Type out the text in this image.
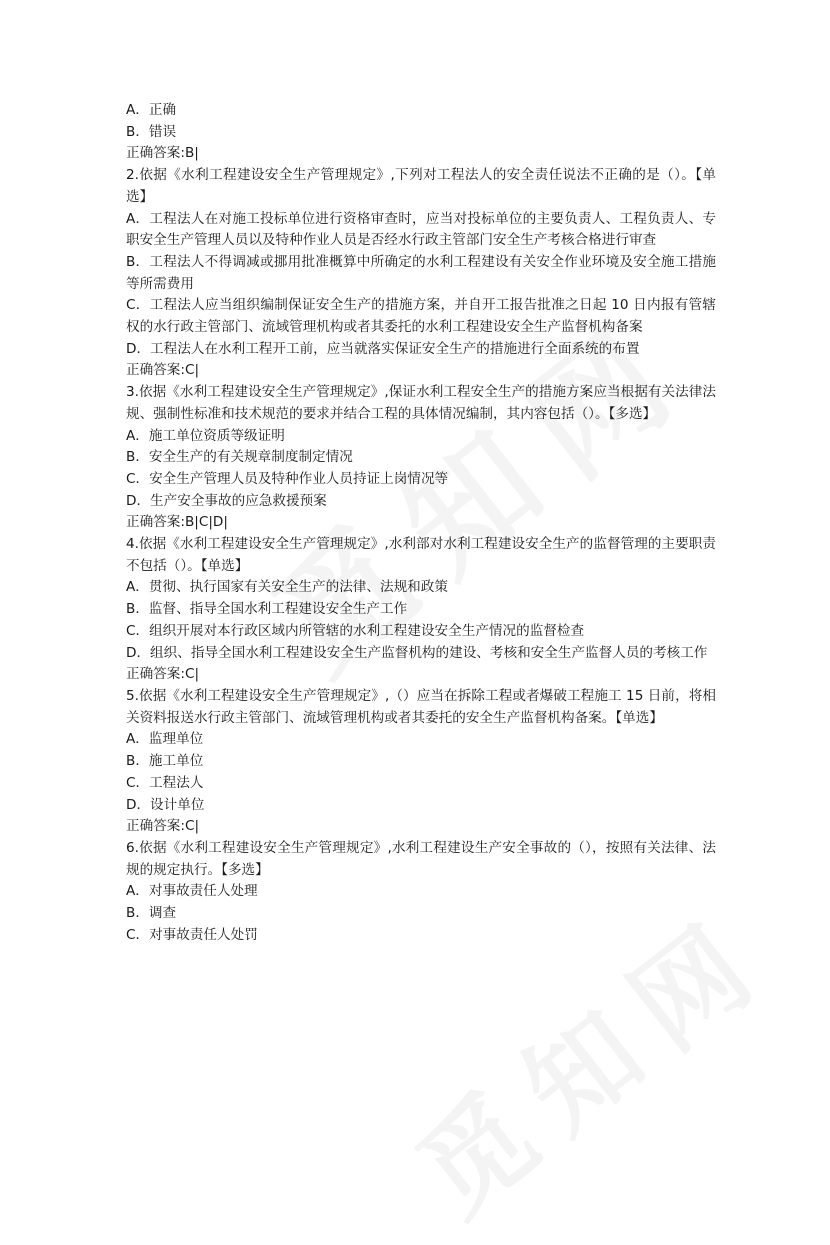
A．正确
B．错误
正确答案:B|
2.依据《水利工程建设安全生产管理规定》,下列对工程法人的安全责任说法不正确的是（）。【单选】
A．工程法人在对施工投标单位进行资格审查时，应当对投标单位的主要负责人、工程负责人、专职安全生产管理人员以及特种作业人员是否经水行政主管部门安全生产考核合格进行审查
B．工程法人不得调减或挪用批准概算中所确定的水利工程建设有关安全作业环境及安全施工措施等所需费用
C．工程法人应当组织编制保证安全生产的措施方案，并自开工报告批准之日起 10 日内报有管辖权的水行政主管部门、流域管理机构或者其委托的水利工程建设安全生产监督机构备案
D．工程法人在水利工程开工前，应当就落实保证安全生产的措施进行全面系统的布置
正确答案:C|
3.依据《水利工程建设安全生产管理规定》,保证水利工程安全生产的措施方案应当根据有关法律法规、强制性标准和技术规范的要求并结合工程的具体情况编制，其内容包括（）。【多选】
A．施工单位资质等级证明
B．安全生产的有关规章制度制定情况
C．安全生产管理人员及特种作业人员持证上岗情况等
D．生产安全事故的应急救援预案
正确答案:B|C|D|
4.依据《水利工程建设安全生产管理规定》,水利部对水利工程建设安全生产的监督管理的主要职责不包括（）。【单选】
A．贯彻、执行国家有关安全生产的法律、法规和政策
B．监督、指导全国水利工程建设安全生产工作
C．组织开展对本行政区域内所管辖的水利工程建设安全生产情况的监督检查
D．组织、指导全国水利工程建设安全生产监督机构的建设、考核和安全生产监督人员的考核工作
正确答案:C|
5.依据《水利工程建设安全生产管理规定》,（）应当在拆除工程或者爆破工程施工 15 日前，将相关资料报送水行政主管部门、流域管理机构或者其委托的安全生产监督机构备案。【单选】
A．监理单位
B．施工单位
C．工程法人
D．设计单位
正确答案:C|
6.依据《水利工程建设安全生产管理规定》,水利工程建设生产安全事故的（），按照有关法律、法规的规定执行。【多选】
A．对事故责任人处理
B．调查
C．对事故责任人处罚
